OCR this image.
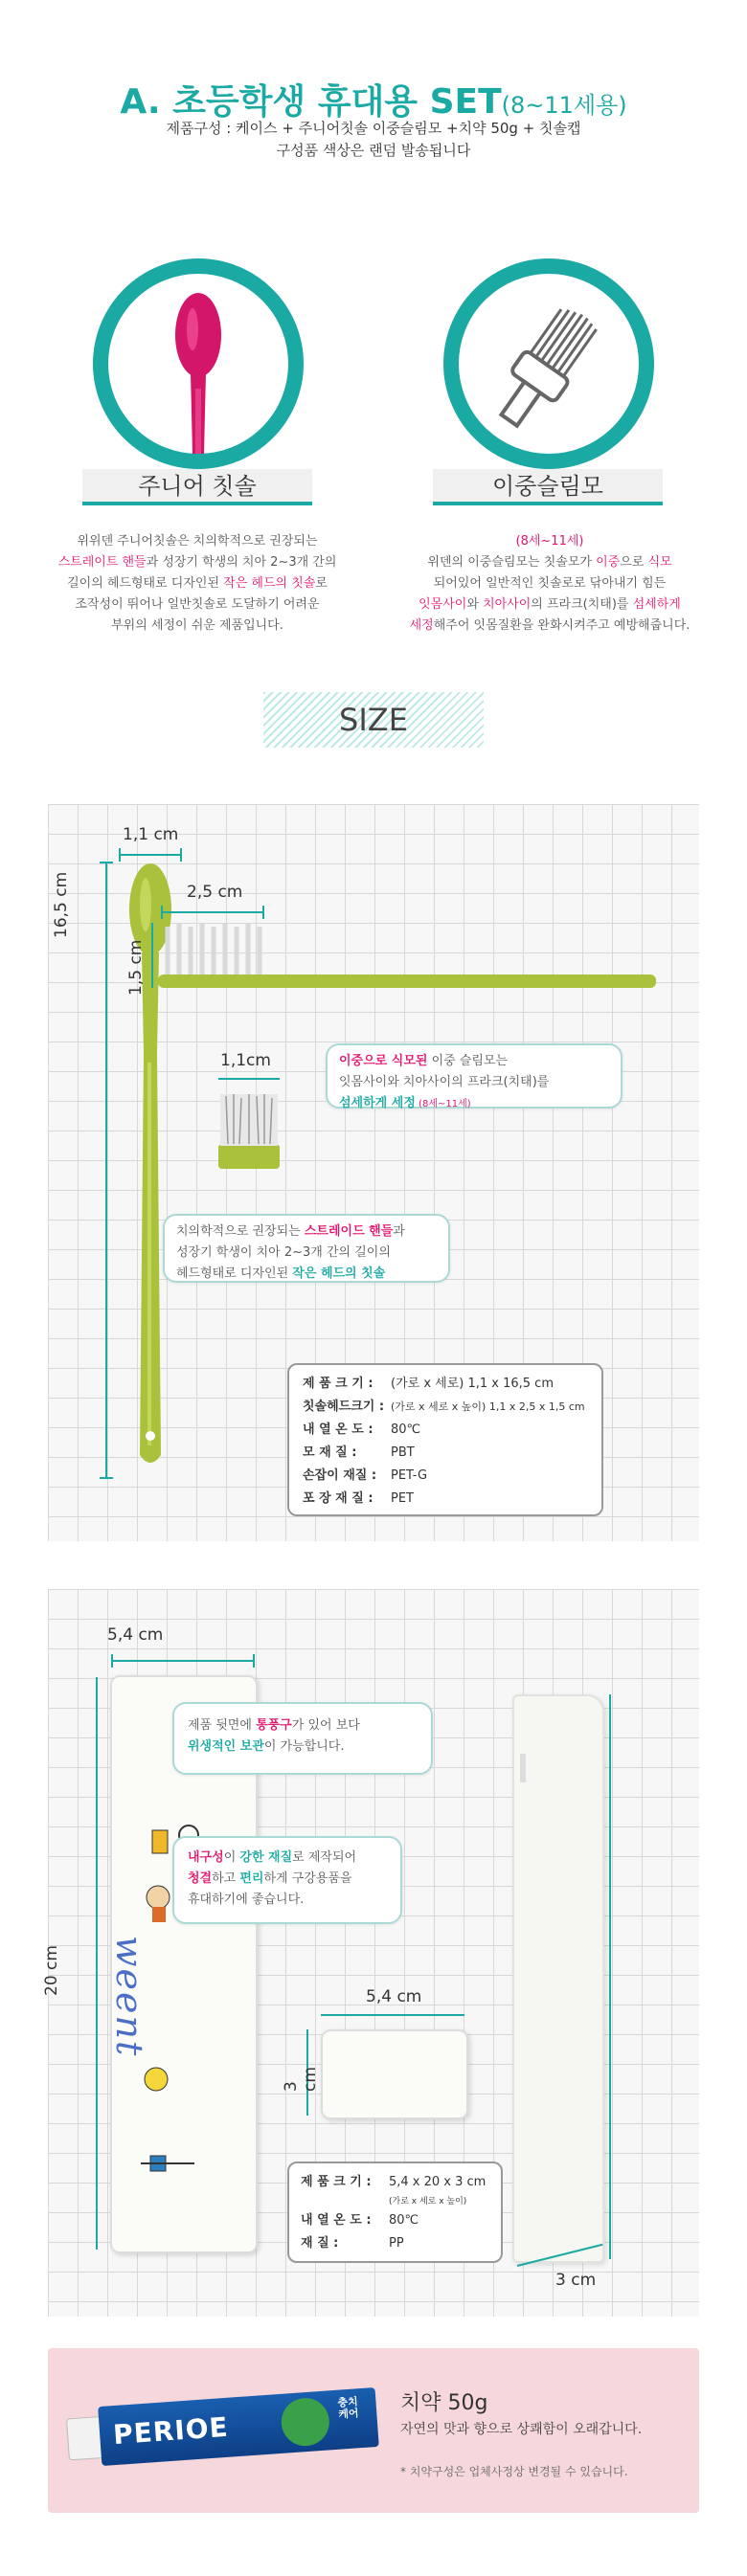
A. 초등학생 휴대용 SET(8~11세용)
제품구성 : 케이스 + 주니어칫솔 이중슬림모 +치약 50g + 칫솔캡
구성품 색상은 랜덤 발송됩니다
주니어 칫솔	이중슬림모
위위덴 주니어칫솔은 치의학적으로 권장되는
스트레이트 핸들과 성장기 학생의 치아 2~3개 간의
길이의 헤드형태로 디자인된 작은 헤드의 칫솔로
조작성이 뛰어나 일반칫솔로 도달하기 어려운
부위의 세정이 쉬운 제품입니다.
(8세~11세)
위덴의 이중슬림모는 칫솔모가 이중으로 식모
되어있어 일반적인 칫솔로로 닦아내기 힘든
잇몸사이와 치아사이의 프라크(치태)를 섬세하게
세정해주어 잇몸질환을 완화시켜주고 예방해줍니다.
SIZE
1,1 cm
16,5 cm	2,5 cm
1,5 cm
1,1cm	이중으로 식모된 이중 슬림모는
잇몸사이와 치아사이의 프라크(치태)를
섬세하게 세정 (8세~11세)
치의학적으로 권장되는 스트레이드 핸들과
성장기 학생이 치아 2~3개 간의 길이의
헤드형태로 디자인된 작은 헤드의 칫솔
제 품 크 기 : (가로 x 세로) 1,1 x 16,5 cm
칫솔헤드크기 : (가로 x 세로 x 높이) 1,1 x 2,5 x 1,5 cm
내 열 온 도 : 80℃
모 재 질 :	PBT
손잡이 재질 : PET-G
포 장 재 질 : PET
weent
5,4 cm
20 cm
3 cm
제품 뒷면에 통풍구가 있어 보다
위생적인 보관이 가능합니다.
내구성이 강한 재질로 제작되어
청결하고 편리하게 구강용품을
휴대하기에 좋습니다.
5,4 cm
3 cm
제 품 크 기 : 5,4 x 20 x 3 cm
(가로 x 세로 x 높이)
내 열 온 도 : 80℃
재 질 :	PP
PERIOE
충치케어 치약 50g
자연의 맛과 향으로 상쾌함이 오래갑니다.
* 치약구성은 업체사정상 변경될 수 있습니다.
